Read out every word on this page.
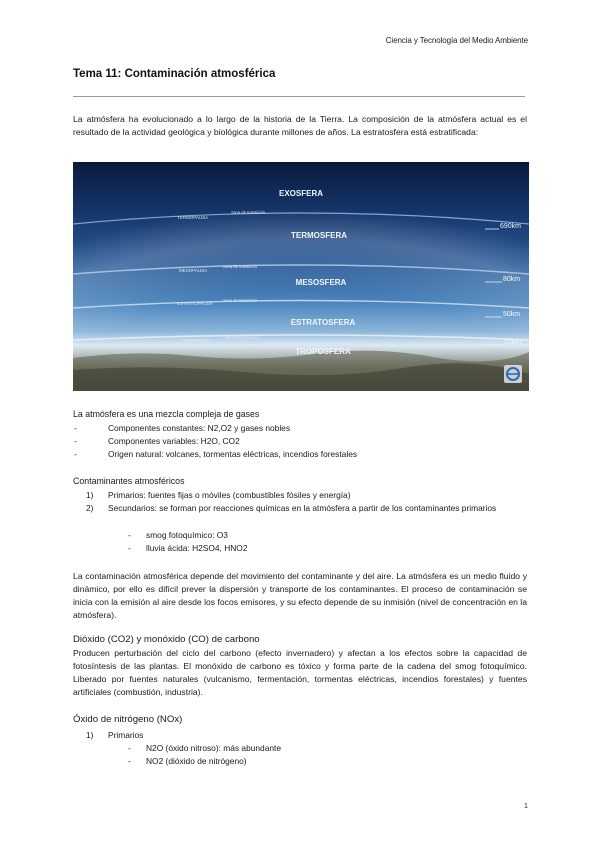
Ciencia y Tecnología del Medio Ambiente
Tema 11: Contaminación atmosférica
La atmósfera ha evolucionado a lo largo de la historia de la Tierra. La composición de la atmósfera actual es el resultado de la actividad geológica y biológica durante millones de años. La estratosfera está estratificada:
EXOSFERA
TERMOSFERA
MESOSFERA
ESTRATOSFERA
TROPOSFERA
TERMOPAUSA
zona de transición
MESOPAUSA
zona de transición
ESTRATOPAUSA
zona de transición
TROPOPAUSA
zona de transición
690km
80km
50km
10km
La atmósfera es una mezcla compleja de gases
-	Componentes constantes: N2,O2 y gases nobles
-	Componentes variables: H2O, CO2
-	Origen natural: volcanes, tormentas eléctricas, incendios forestales
Contaminantes atmosféricos
1)	Primarios: fuentes fijas o móviles (combustibles fósiles y energía)
2)	Secundarios: se forman por reacciones químicas en la atmósfera a partir de los contaminantes primarios
-	smog fotoquímico: O3
-	lluvia ácida: H2SO4, HNO2
La contaminación atmosférica depende del movimiento del contaminante y del aire. La atmósfera es un medio fluido y dinámico, por ello es difícil prever la dispersión y transporte de los contaminantes. El proceso de contaminación se inicia con la emisión al aire desde los focos emisores, y su efecto depende de su inmisión (nivel de concentración en la atmósfera).
Dióxido (CO2) y monóxido (CO) de carbono
Producen perturbación del ciclo del carbono (efecto invernadero) y afectan a los efectos sobre la capacidad de fotosíntesis de las plantas. El monóxido de carbono es tóxico y forma parte de la cadena del smog fotoquímico. Liberado por fuentes naturales (vulcanismo, fermentación, tormentas eléctricas, incendios forestales) y fuentes artificiales (combustión, industria).
Óxido de nitrógeno (NOx)
1)	Primarios
-	N2O (óxido nitroso): más abundante
-	NO2 (dióxido de nitrógeno)
1
